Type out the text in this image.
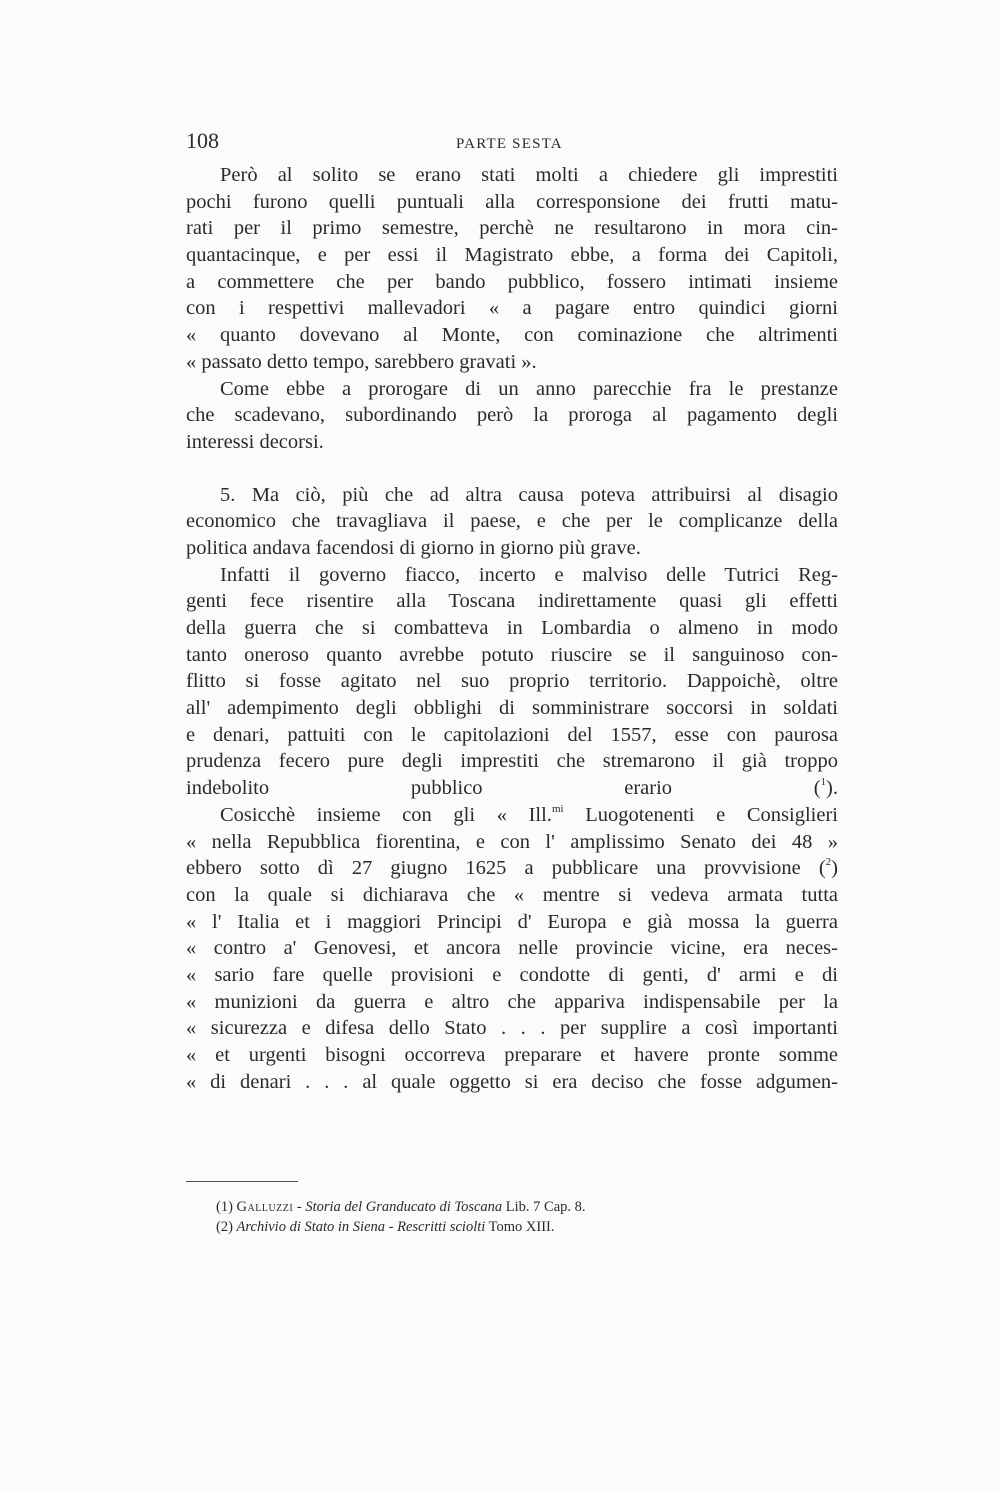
108	PARTE SESTA
Però al solito se erano stati molti a chiedere gli imprestiti
pochi furono quelli puntuali alla corresponsione dei frutti matu-
rati per il primo semestre, perchè ne resultarono in mora cin-
quantacinque, e per essi il Magistrato ebbe, a forma dei Capitoli,
a commettere che per bando pubblico, fossero intimati insieme
con i respettivi mallevadori « a pagare entro quindici giorni
« quanto dovevano al Monte, con cominazione che altrimenti
« passato detto tempo, sarebbero gravati ».
Come ebbe a prorogare di un anno parecchie fra le prestanze
che scadevano, subordinando però la proroga al pagamento degli
interessi decorsi.
5. Ma ciò, più che ad altra causa poteva attribuirsi al disagio
economico che travagliava il paese, e che per le complicanze della
politica andava facendosi di giorno in giorno più grave.
Infatti il governo fiacco, incerto e malviso delle Tutrici Reg-
genti fece risentire alla Toscana indirettamente quasi gli effetti
della guerra che si combatteva in Lombardia o almeno in modo
tanto oneroso quanto avrebbe potuto riuscire se il sanguinoso con-
flitto si fosse agitato nel suo proprio territorio. Dappoichè, oltre
all' adempimento degli obblighi di somministrare soccorsi in soldati
e denari, pattuiti con le capitolazioni del 1557, esse con paurosa
prudenza fecero pure degli imprestiti che stremarono il già troppo
indebolito pubblico erario ($^1$).
Cosicchè insieme con gli « Ill.$^{mi}$ Luogotenenti e Consiglieri
« nella Repubblica fiorentina, e con l' amplissimo Senato dei 48 »
ebbero sotto dì 27 giugno 1625 a pubblicare una provvisione ($^2$)
con la quale si dichiarava che « mentre si vedeva armata tutta
« l' Italia et i maggiori Principi d' Europa e già mossa la guerra
« contro a' Genovesi, et ancora nelle provincie vicine, era neces-
« sario fare quelle provisioni e condotte di genti, d' armi e di
« munizioni da guerra e altro che appariva indispensabile per la
« sicurezza e difesa dello Stato . . . per supplire a così importanti
« et urgenti bisogni occorreva preparare et havere pronte somme
« di denari . . . al quale oggetto si era deciso che fosse adgumen-
(1) Galluzzi - Storia del Granducato di Toscana Lib. 7 Cap. 8.
(2) Archivio di Stato in Siena - Rescritti sciolti Tomo XIII.
